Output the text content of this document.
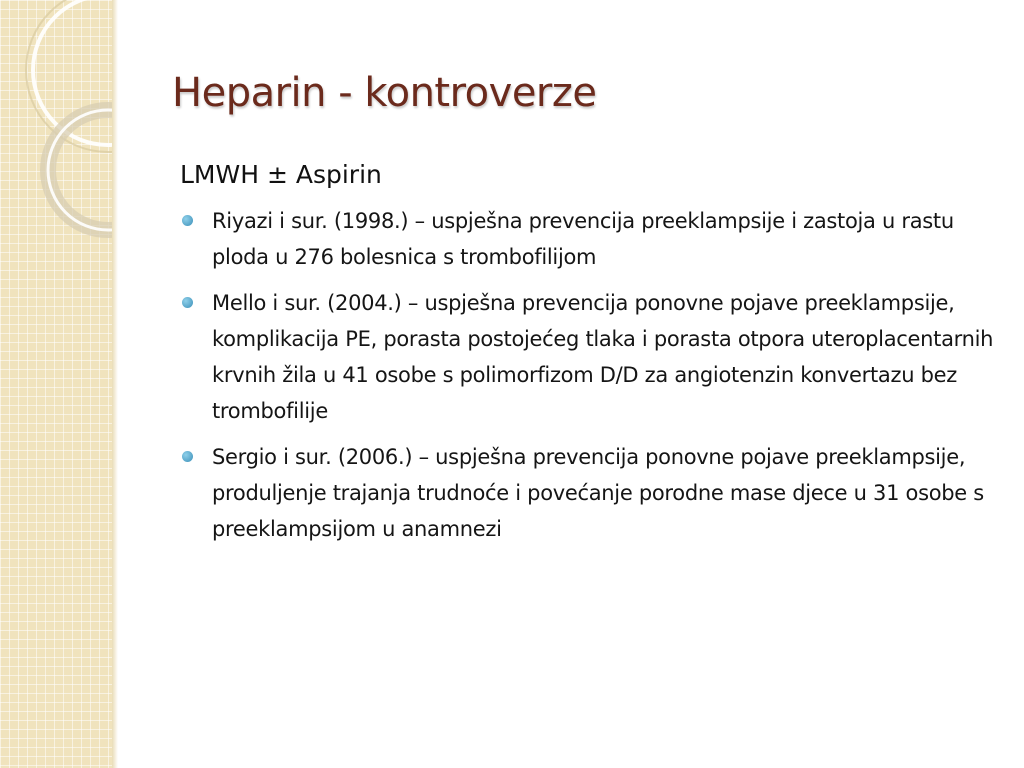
Heparin - kontroverze

LMWH ± Aspirin

Riyazi i sur. (1998.) – uspješna prevencija preeklampsije i zastoja u rastu ploda u 276 bolesnica s trombofilijom
Mello i sur. (2004.) – uspješna prevencija ponovne pojave preeklampsije, komplikacija PE, porasta postojećeg tlaka i porasta otpora uteroplacentarnih krvnih žila u 41 osobe s polimorfizom D/D za angiotenzin konvertazu bez trombofilije
Sergio i sur. (2006.) – uspješna prevencija ponovne pojave preeklampsije, produljenje trajanja trudnoće i povećanje porodne mase djece u 31 osobe s preeklampsijom u anamnezi
